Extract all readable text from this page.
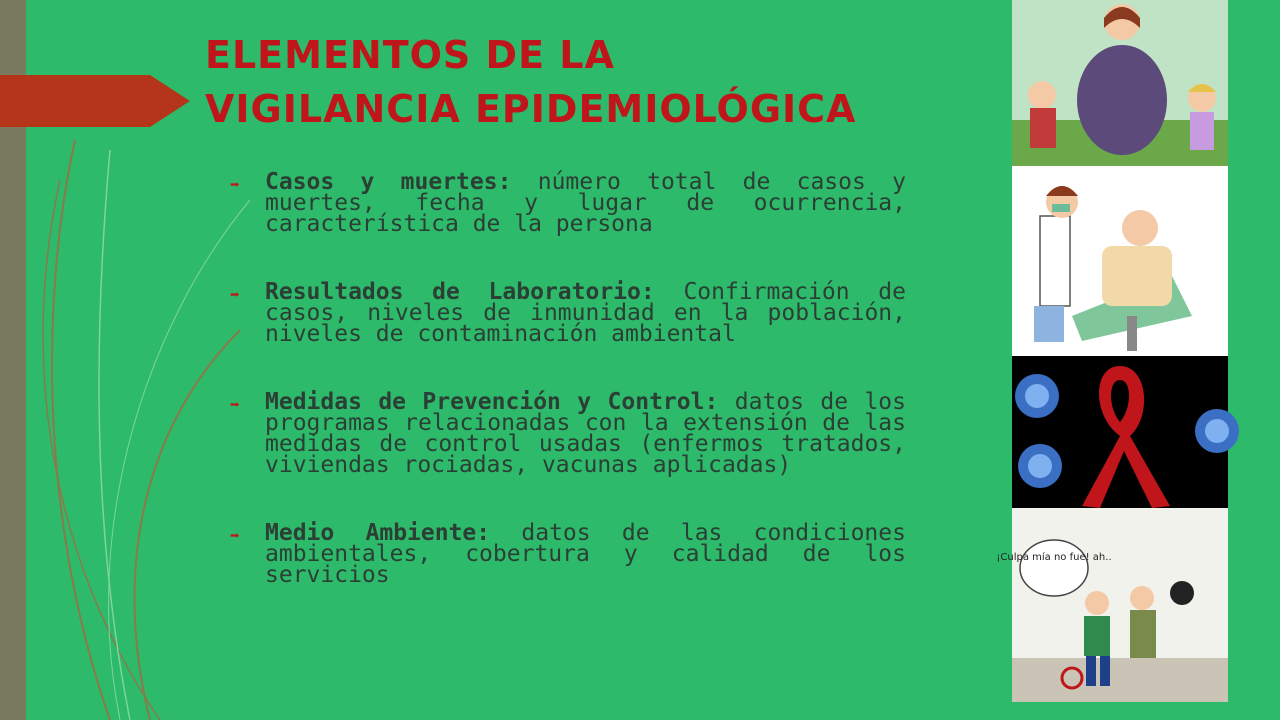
ELEMENTOS DE LA
VIGILANCIA EPIDEMIOLÓGICA
➡ Casos y muertes: número total de casos y muertes, fecha y lugar de ocurrencia, característica de la persona
➡ Resultados de Laboratorio: Confirmación de casos, niveles de inmunidad en la población, niveles de contaminación ambiental
➡ Medidas de Prevención y Control: datos de los programas relacionadas con la extensión de las medidas de control usadas (enfermos tratados, viviendas rociadas, vacunas aplicadas)
➡ Medio Ambiente: datos de las condiciones ambientales, cobertura y calidad de los servicios
¡Culpa mía no fue! ah..
